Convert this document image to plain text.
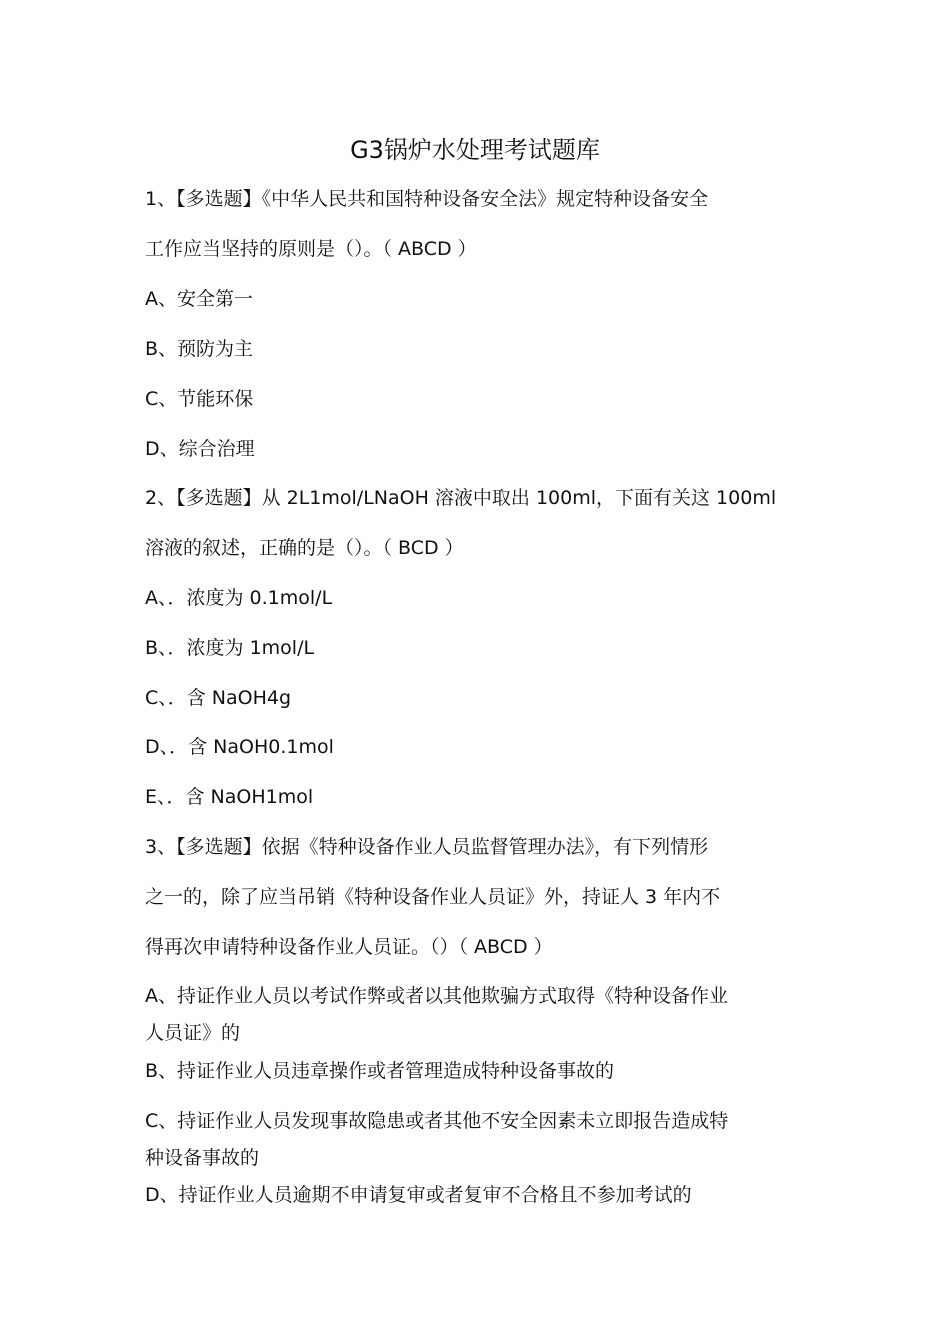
G3锅炉水处理考试题库
1、【多选题】《中华人民共和国特种设备安全法》规定特种设备安全
工作应当坚持的原则是（）。（ ABCD ）
A、安全第一
B、预防为主
C、节能环保
D、综合治理
2、【多选题】从 2L1mol/LNaOH 溶液中取出 100ml，下面有关这 100ml
溶液的叙述，正确的是（）。（ BCD ）
A、．浓度为 0.1mol/L
B、．浓度为 1mol/L
C、．含 NaOH4g
D、．含 NaOH0.1mol
E、．含 NaOH1mol
3、【多选题】依据《特种设备作业人员监督管理办法》，有下列情形
之一的，除了应当吊销《特种设备作业人员证》外，持证人 3 年内不
得再次申请特种设备作业人员证。（）（ ABCD ）
A、持证作业人员以考试作弊或者以其他欺骗方式取得《特种设备作业
人员证》的
B、持证作业人员违章操作或者管理造成特种设备事故的
C、持证作业人员发现事故隐患或者其他不安全因素未立即报告造成特
种设备事故的
D、持证作业人员逾期不申请复审或者复审不合格且不参加考试的
